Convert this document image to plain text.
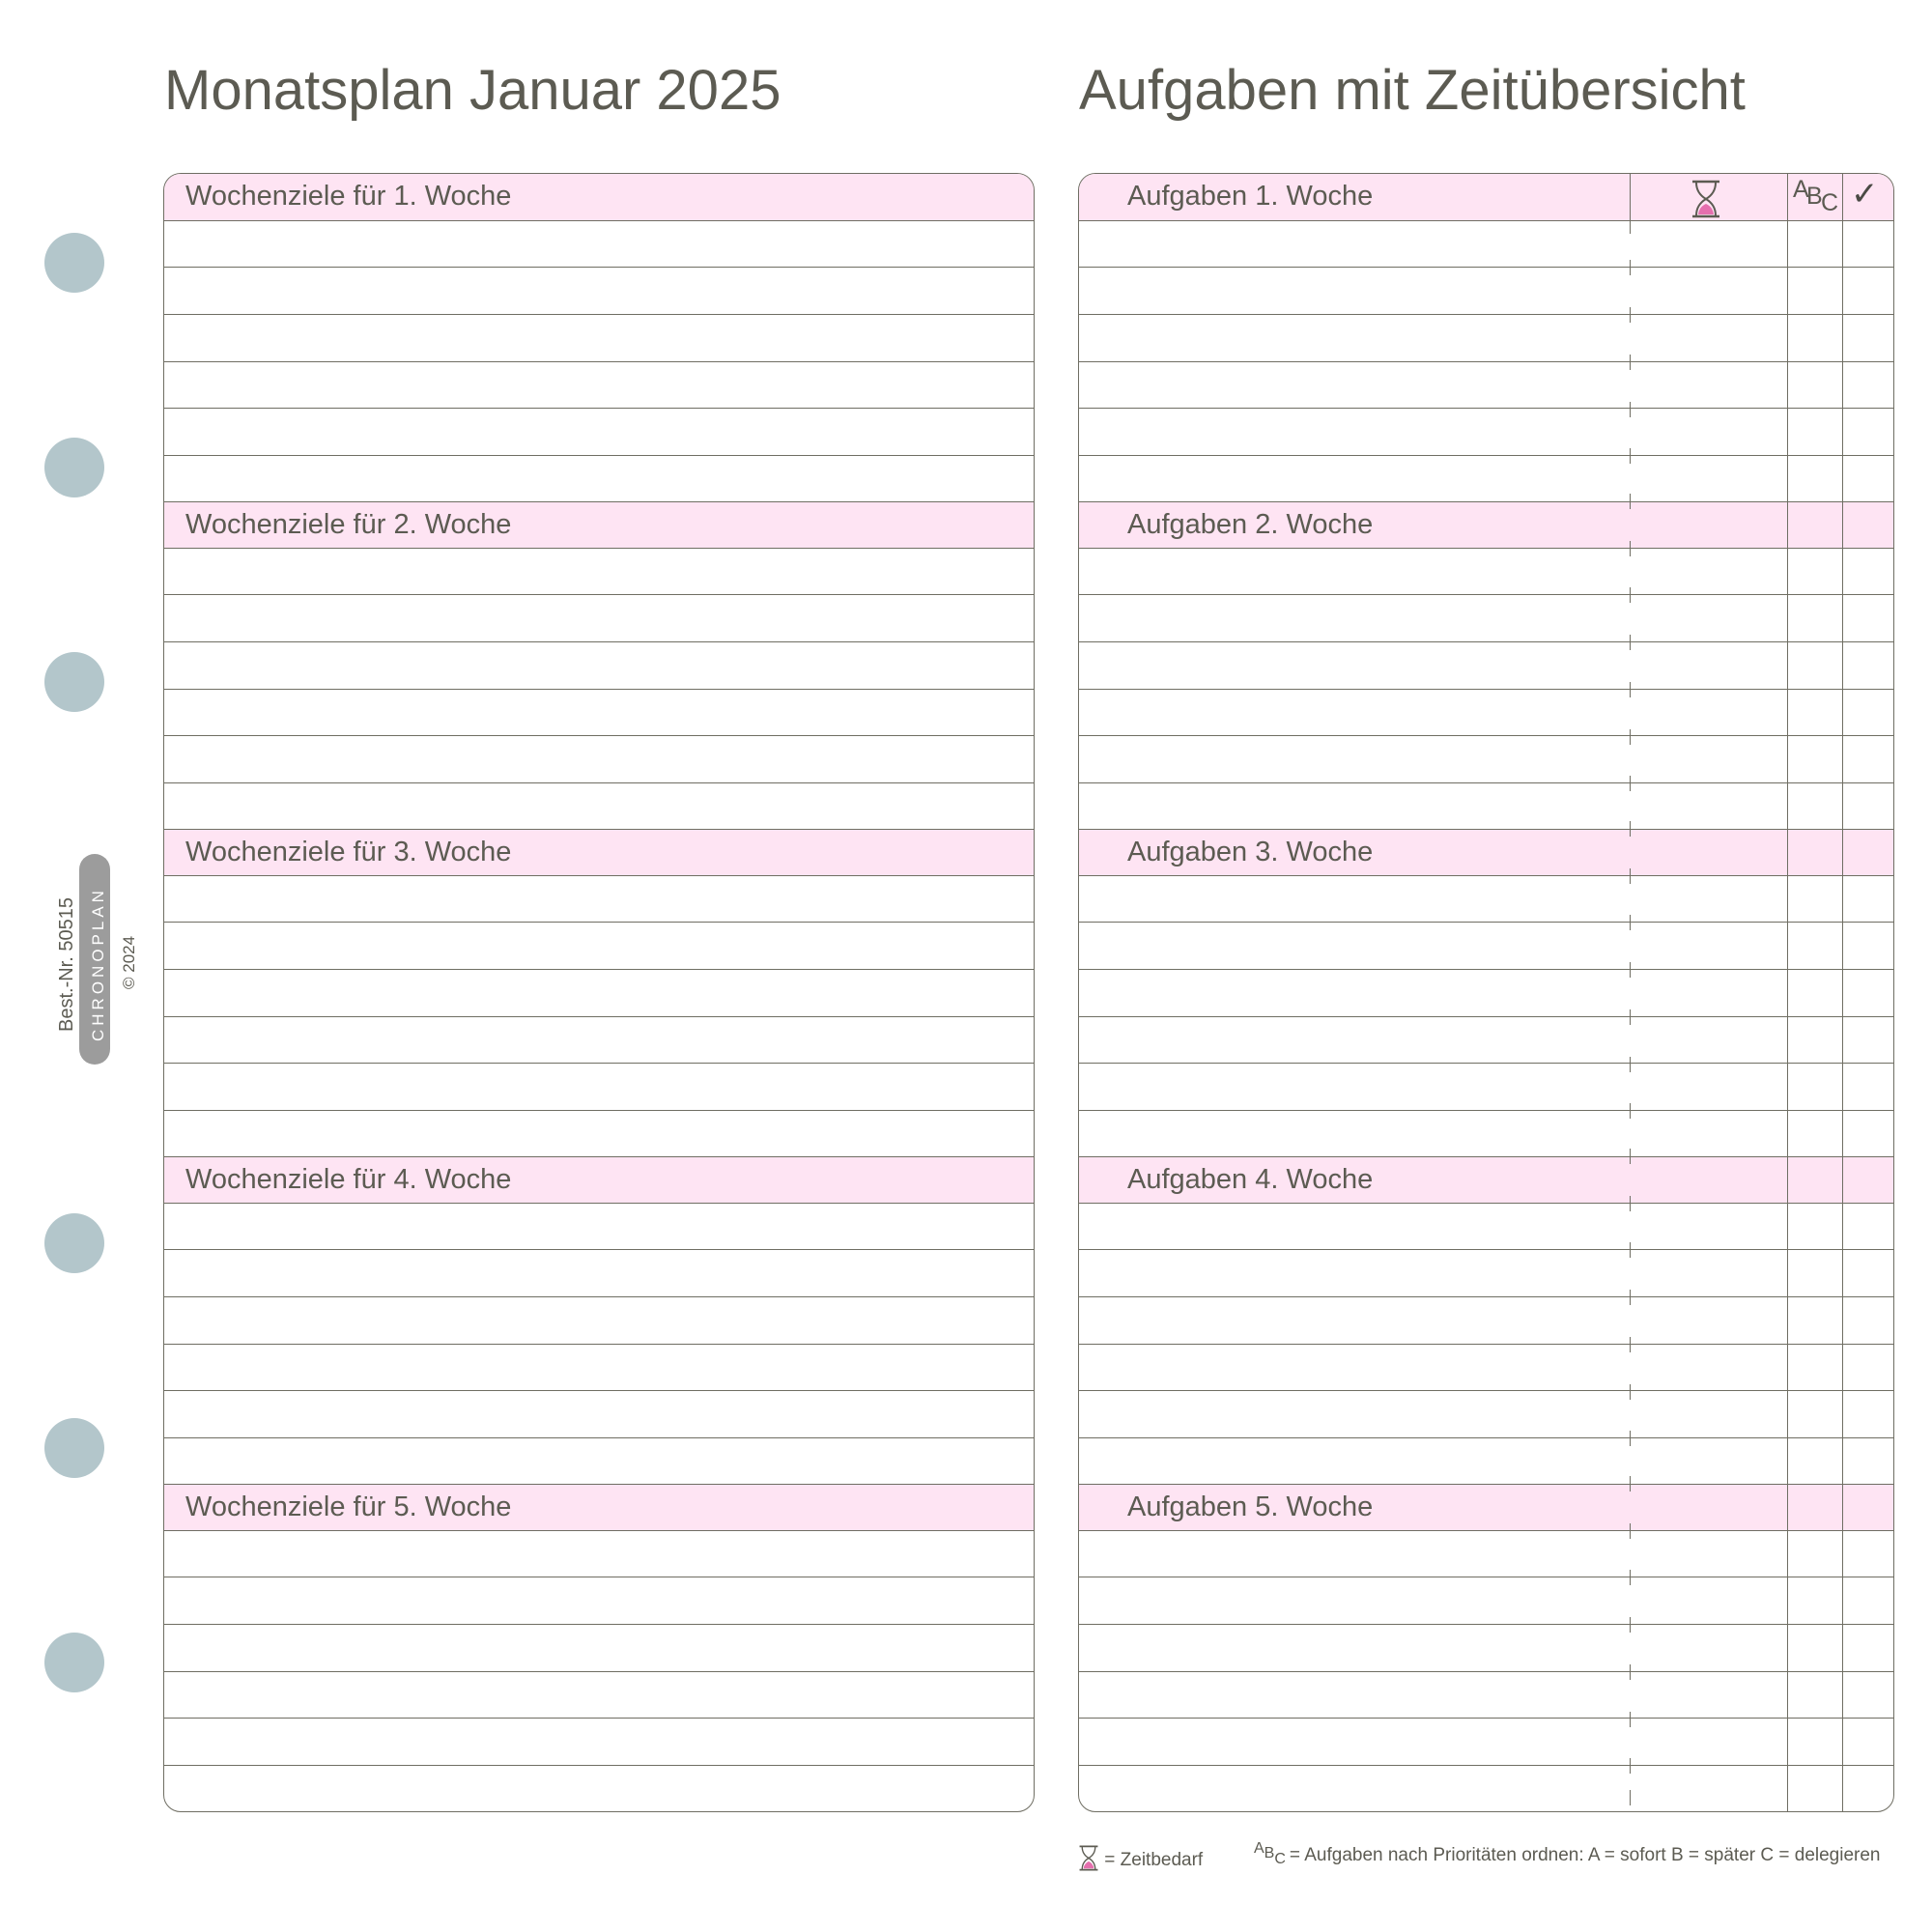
Monatsplan Januar 2025	Aufgaben mit Zeitübersicht
Best.-Nr. 50515 CHRONOPLAN © 2024
Wochenziele für 1. Woche
Wochenziele für 2. Woche
Wochenziele für 3. Woche
Wochenziele für 4. Woche
Wochenziele für 5. Woche
Aufgaben 1. Woche
Aufgaben 2. Woche
Aufgaben 3. Woche
Aufgaben 4. Woche
Aufgaben 5. Woche
A
B
C ✓
= Zeitbedarf
$^A$BC = Aufgaben nach Prioritäten ordnen: A = sofort B = später C = delegieren
